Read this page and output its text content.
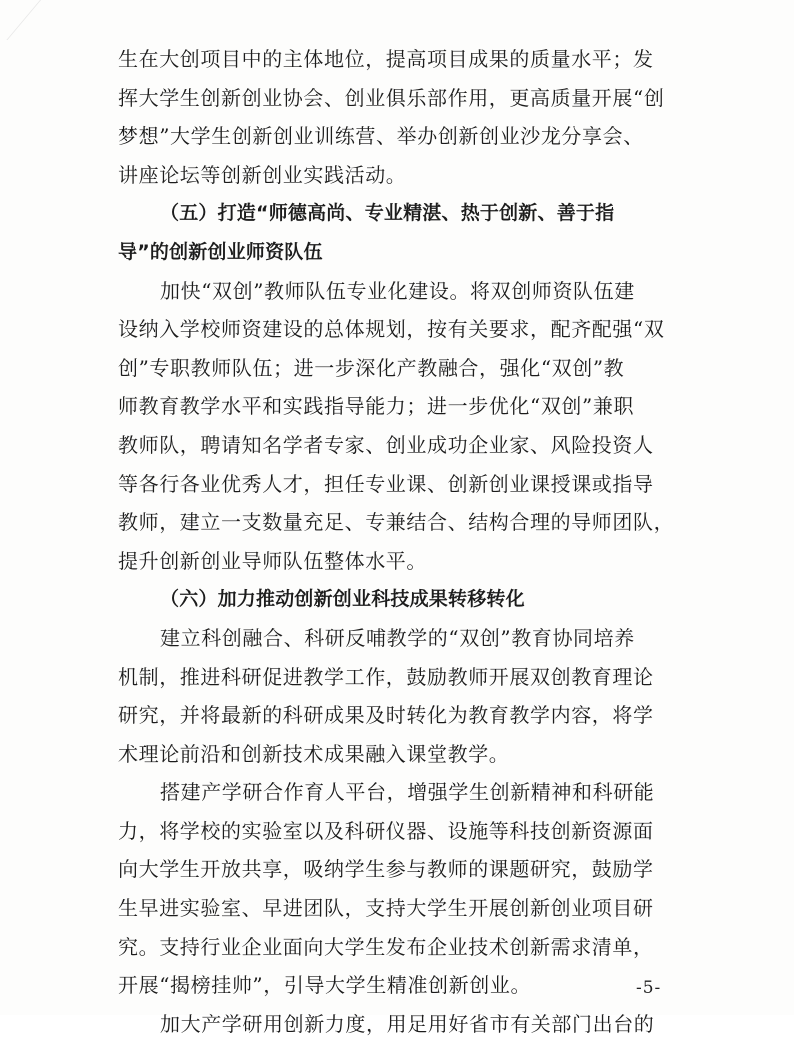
生在大创项目中的主体地位，提高项目成果的质量水平；发
挥大学生创新创业协会、创业俱乐部作用，更高质量开展“创
梦想”大学生创新创业训练营、举办创新创业沙龙分享会、
讲座论坛等创新创业实践活动。
（五）打造“师德高尚、专业精湛、热于创新、善于指
导”的创新创业师资队伍
加快“双创”教师队伍专业化建设。将双创师资队伍建
设纳入学校师资建设的总体规划，按有关要求，配齐配强“双
创”专职教师队伍；进一步深化产教融合，强化“双创”教
师教育教学水平和实践指导能力；进一步优化“双创”兼职
教师队，聘请知名学者专家、创业成功企业家、风险投资人
等各行各业优秀人才，担任专业课、创新创业课授课或指导
教师，建立一支数量充足、专兼结合、结构合理的导师团队，
提升创新创业导师队伍整体水平。
（六）加力推动创新创业科技成果转移转化
建立科创融合、科研反哺教学的“双创”教育协同培养
机制，推进科研促进教学工作，鼓励教师开展双创教育理论
研究，并将最新的科研成果及时转化为教育教学内容，将学
术理论前沿和创新技术成果融入课堂教学。
搭建产学研合作育人平台，增强学生创新精神和科研能
力，将学校的实验室以及科研仪器、设施等科技创新资源面
向大学生开放共享，吸纳学生参与教师的课题研究，鼓励学
生早进实验室、早进团队，支持大学生开展创新创业项目研
究。支持行业企业面向大学生发布企业技术创新需求清单，
开展“揭榜挂帅”，引导大学生精准创新创业。
加大产学研用创新力度，用足用好省市有关部门出台的
-5-
